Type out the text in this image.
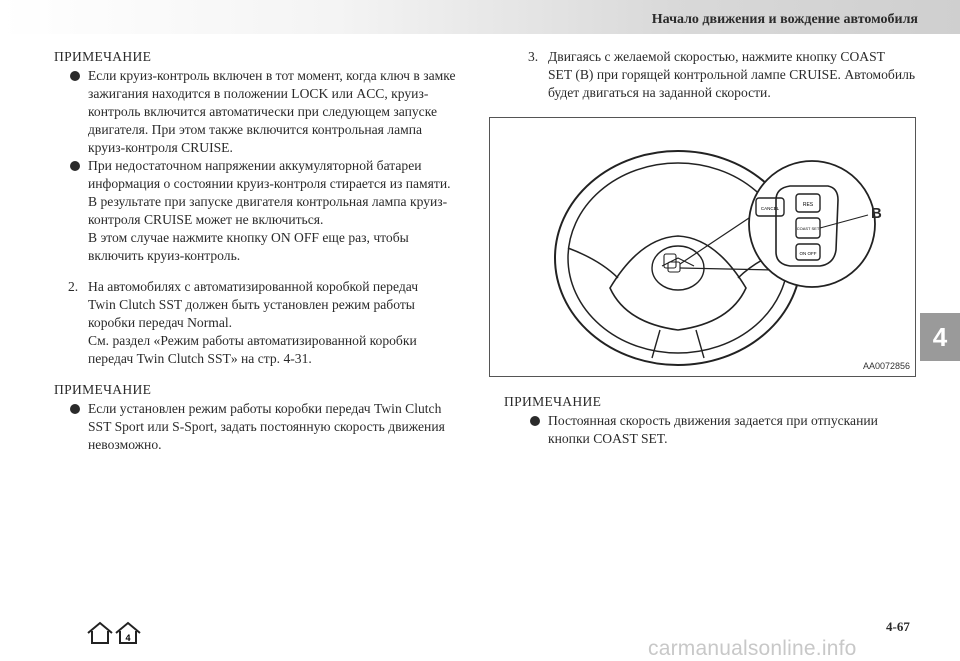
Начало движения и вождение автомобиля
4
ПРИМЕЧАНИЕ

Если круиз-контроль включен в тот момент, когда ключ в замке

зажигания находится в положении LOCK или ACC, круиз-

контроль включится автоматически при следующем запуске

двигателя. При этом также включится контрольная лампа

круиз-контроля CRUISE.

При недостаточном напряжении аккумуляторной батареи

информация о состоянии круиз-контроля стирается из памяти.

В результате при запуске двигателя контрольная лампа круиз-

контроля CRUISE может не включиться.

В этом случае нажмите кнопку ON OFF еще раз, чтобы

включить круиз-контроль.

2. На автомобилях с автоматизированной коробкой передач

Twin Clutch SST должен быть установлен режим работы

коробки передач Normal.

См. раздел «Режим работы автоматизированной коробки

передач Twin Clutch SST» на стр. 4-31.

ПРИМЕЧАНИЕ

Если установлен режим работы коробки передач Twin Clutch

SST Sport или S-Sport, задать постоянную скорость движения

невозможно.

3. Двигаясь с желаемой скоростью, нажмите кнопку COAST

SET (B) при горящей контрольной лампе CRUISE. Автомобиль

будет двигаться на заданной скорости.

CANCEL
RES
COAST SET
ON OFF
B
AA0072856
ПРИМЕЧАНИЕ

Постоянная скорость движения задается при отпускании

кнопки COAST SET.

4
4-67
carmanualsonline.info
